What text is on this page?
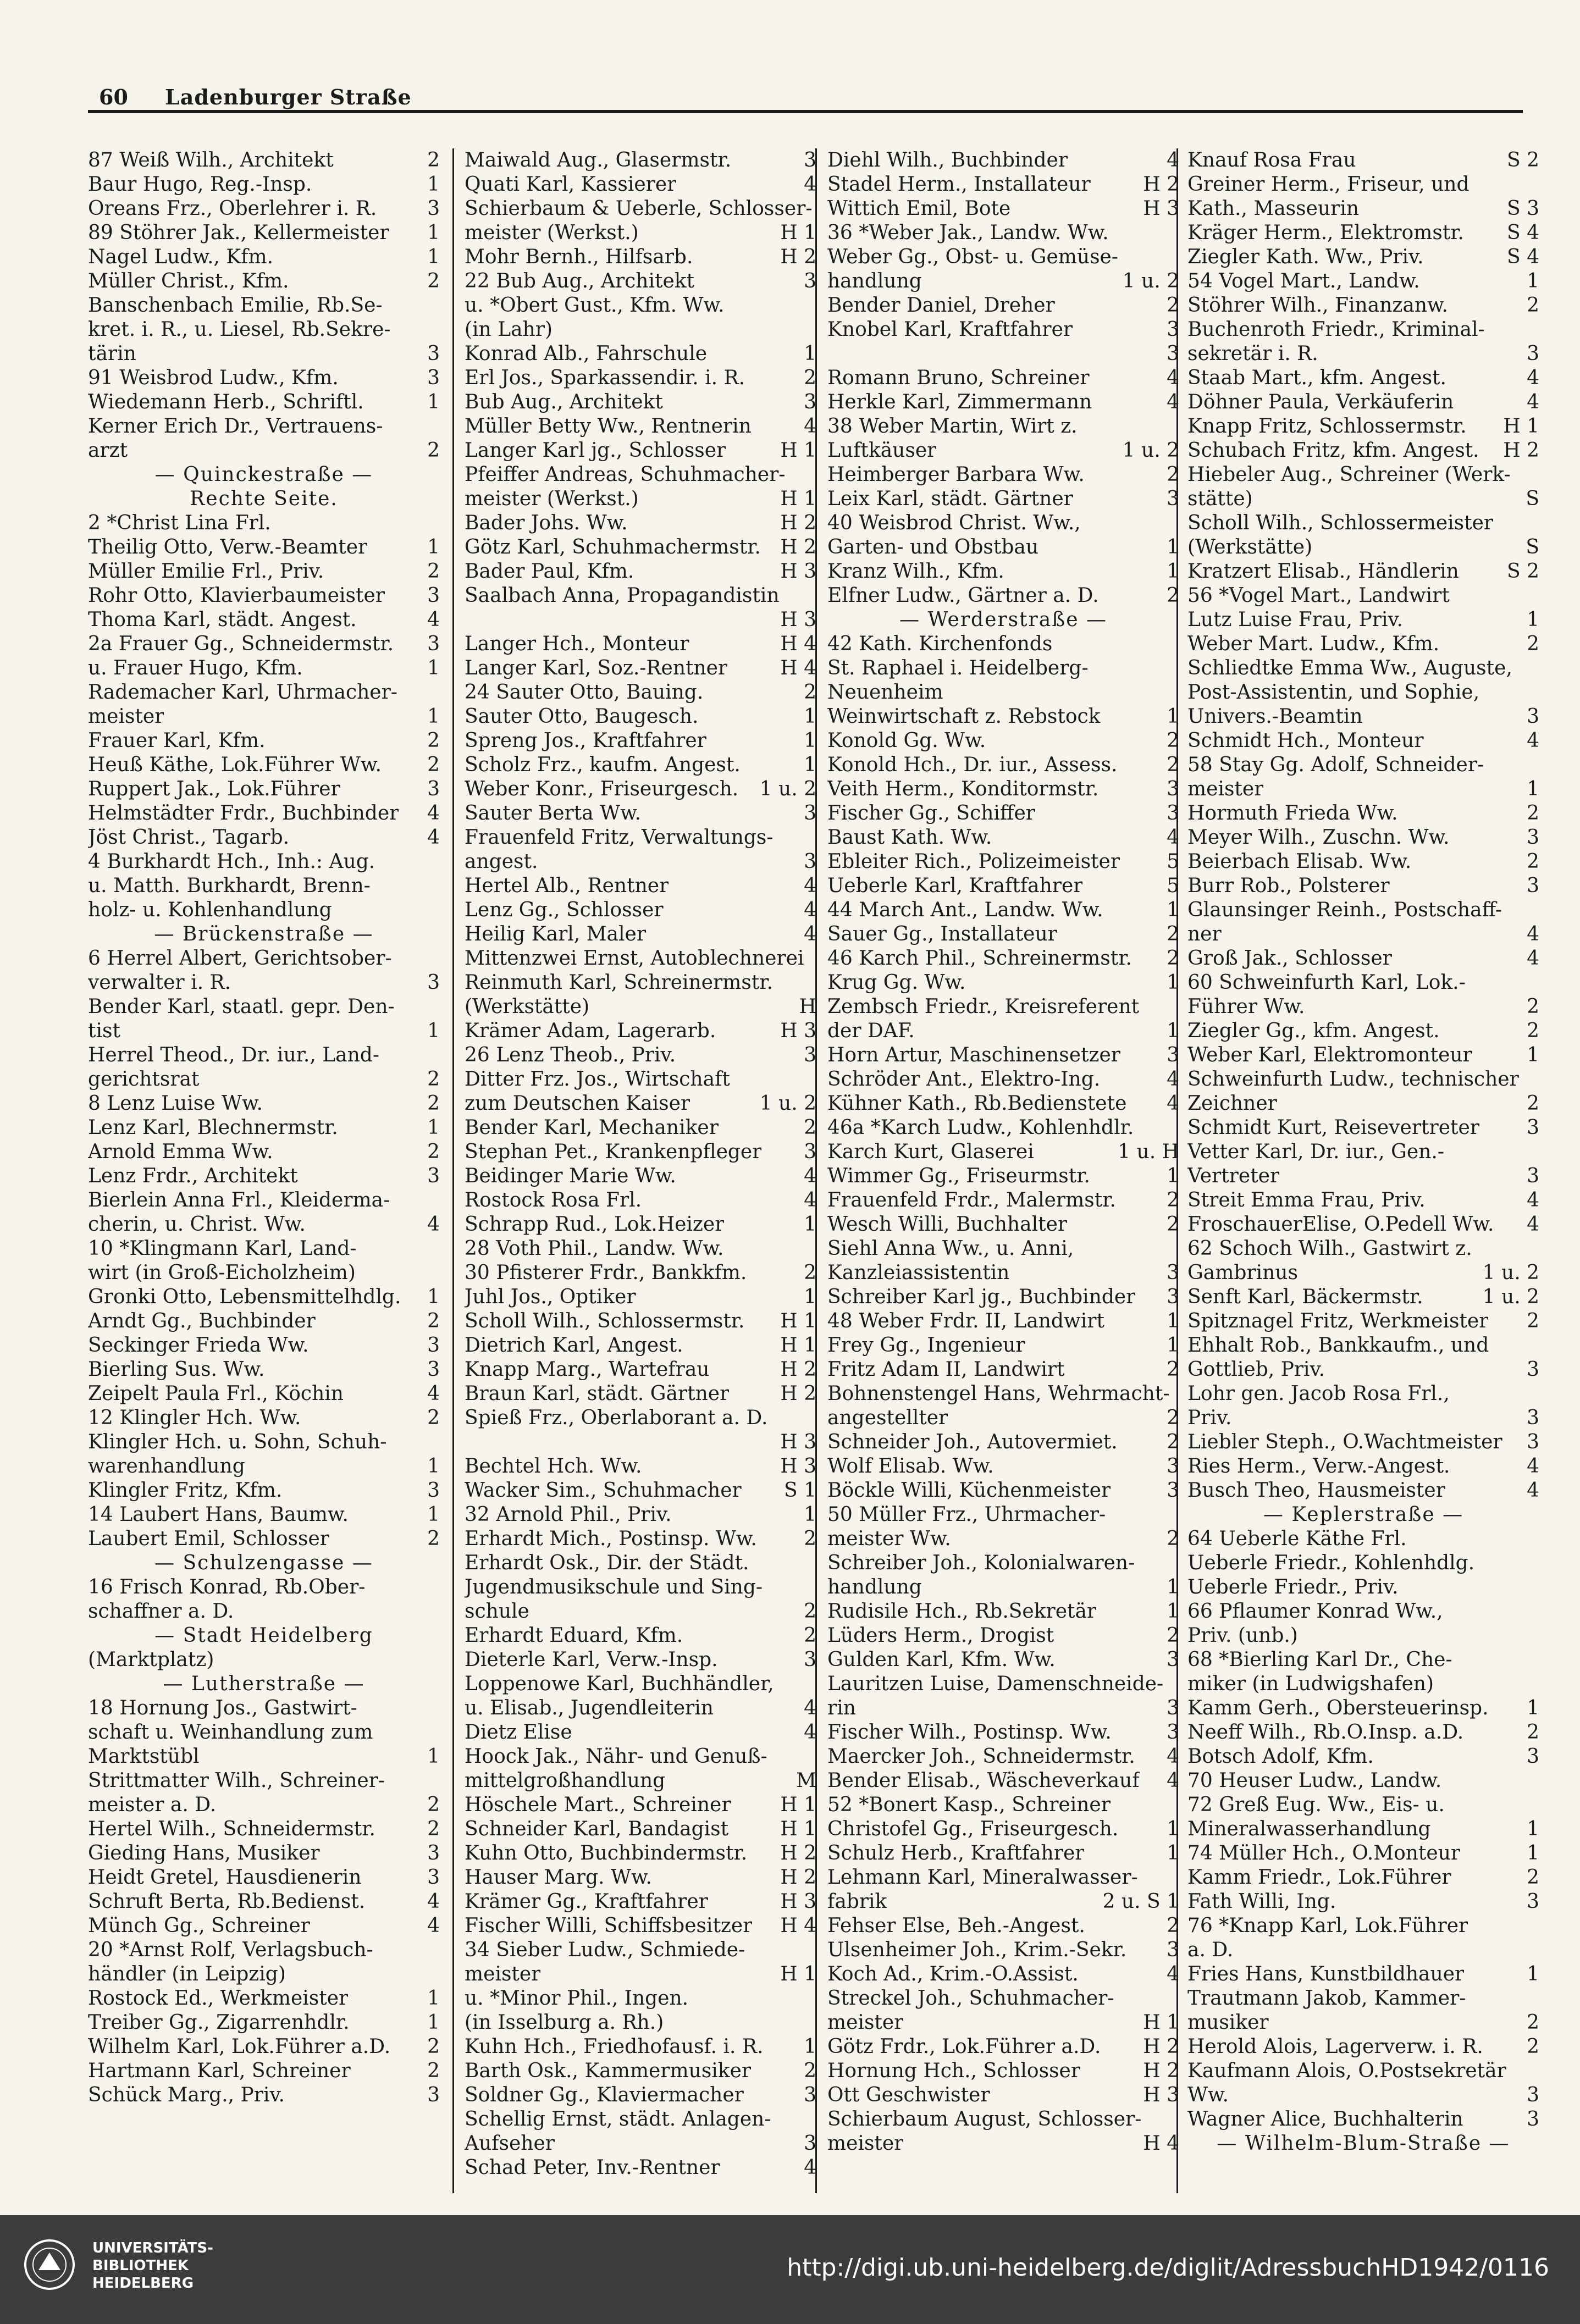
60 Ladenburger Straße
87 Weiß Wilh., Architekt	2
Baur Hugo, Reg.-Insp.	1
Oreans Frz., Oberlehrer i. R.	3
89 Stöhrer Jak., Kellermeister 1
Nagel Ludw., Kfm.	1
Müller Christ., Kfm.	2
Banschenbach Emilie, Rb.Se-
kret. i. R., u. Liesel, Rb.Sekre-
tärin	3
91 Weisbrod Ludw., Kfm.	3
Wiedemann Herb., Schriftl.	1
Kerner Erich Dr., Vertrauens-
arzt	2
— Quinckestraße —
Rechte Seite.
2 *Christ Lina Frl.
Theilig Otto, Verw.-Beamter	1
Müller Emilie Frl., Priv.	2
Rohr Otto, Klavierbaumeister 3
Thoma Karl, städt. Angest.	4
2a Frauer Gg., Schneidermstr. 3
u. Frauer Hugo, Kfm.	1
Rademacher Karl, Uhrmacher-
meister	1
Frauer Karl, Kfm.	2
Heuß Käthe, Lok.Führer Ww. 2
Ruppert Jak., Lok.Führer	3
Helmstädter Frdr., Buchbinder 4
Jöst Christ., Tagarb.	4
4 Burkhardt Hch., Inh.: Aug.
u. Matth. Burkhardt, Brenn-
holz- u. Kohlenhandlung
— Brückenstraße —
6 Herrel Albert, Gerichtsober-
verwalter i. R.	3
Bender Karl, staatl. gepr. Den-
tist	1
Herrel Theod., Dr. iur., Land-
gerichtsrat	2
8 Lenz Luise Ww.	2
Lenz Karl, Blechnermstr.	1
Arnold Emma Ww.	2
Lenz Frdr., Architekt	3
Bierlein Anna Frl., Kleiderma-
cherin, u. Christ. Ww.	4
10 *Klingmann Karl, Land-
wirt (in Groß-Eicholzheim)
Gronki Otto, Lebensmittelhdlg. 1
Arndt Gg., Buchbinder	2
Seckinger Frieda Ww.	3
Bierling Sus. Ww.	3
Zeipelt Paula Frl., Köchin	4
12 Klingler Hch. Ww.	2
Klingler Hch. u. Sohn, Schuh-
warenhandlung	1
Klingler Fritz, Kfm.	3
14 Laubert Hans, Baumw.	1
Laubert Emil, Schlosser	2
— Schulzengasse —
16 Frisch Konrad, Rb.Ober-
schaffner a. D.
— Stadt Heidelberg
(Marktplatz)
— Lutherstraße —
18 Hornung Jos., Gastwirt-
schaft u. Weinhandlung zum
Marktstübl	1
Strittmatter Wilh., Schreiner-
meister a. D.	2
Hertel Wilh., Schneidermstr.	2
Gieding Hans, Musiker	3
Heidt Gretel, Hausdienerin	3
Schruft Berta, Rb.Bedienst.	4
Münch Gg., Schreiner	4
20 *Arnst Rolf, Verlagsbuch-
händler (in Leipzig)
Rostock Ed., Werkmeister	1
Treiber Gg., Zigarrenhdlr.	1
Wilhelm Karl, Lok.Führer a.D. 2
Hartmann Karl, Schreiner	2
Schück Marg., Priv.	3
Maiwald Aug., Glasermstr.	3
Quati Karl, Kassierer	4
Schierbaum & Ueberle, Schlosser-
meister (Werkst.)	H 1
Mohr Bernh., Hilfsarb.	H 2
22 Bub Aug., Architekt	3
u. *Obert Gust., Kfm. Ww.
(in Lahr)
Konrad Alb., Fahrschule	1
Erl Jos., Sparkassendir. i. R.	2
Bub Aug., Architekt	3
Müller Betty Ww., Rentnerin	4
Langer Karl jg., Schlosser	H 1
Pfeiffer Andreas, Schuhmacher-
meister (Werkst.)	H 1
Bader Johs. Ww.	H 2
Götz Karl, Schuhmachermstr. H 2
Bader Paul, Kfm.	H 3
Saalbach Anna, Propagandistin
H 3
Langer Hch., Monteur	H 4
Langer Karl, Soz.-Rentner	H 4
24 Sauter Otto, Bauing.	2
Sauter Otto, Baugesch.	1
Spreng Jos., Kraftfahrer	1
Scholz Frz., kaufm. Angest.	1
Weber Konr., Friseurgesch. 1 u. 2
Sauter Berta Ww.	3
Frauenfeld Fritz, Verwaltungs-
angest.	3
Hertel Alb., Rentner	4
Lenz Gg., Schlosser	4
Heilig Karl, Maler	4
Mittenzwei Ernst, Autoblechnerei
Reinmuth Karl, Schreinermstr.
(Werkstätte)	H
Krämer Adam, Lagerarb.	H 3
26 Lenz Theob., Priv.	3
Ditter Frz. Jos., Wirtschaft
zum Deutschen Kaiser	1 u. 2
Bender Karl, Mechaniker	2
Stephan Pet., Krankenpfleger 3
Beidinger Marie Ww.	4
Rostock Rosa Frl.	4
Schrapp Rud., Lok.Heizer	1
28 Voth Phil., Landw. Ww.
30 Pfisterer Frdr., Bankkfm.	2
Juhl Jos., Optiker	1
Scholl Wilh., Schlossermstr. H 1
Dietrich Karl, Angest.	H 1
Knapp Marg., Wartefrau	H 2
Braun Karl, städt. Gärtner	H 2
Spieß Frz., Oberlaborant a. D.
H 3
Bechtel Hch. Ww.	H 3
Wacker Sim., Schuhmacher S 1
32 Arnold Phil., Priv.	1
Erhardt Mich., Postinsp. Ww. 2
Erhardt Osk., Dir. der Städt.
Jugendmusikschule und Sing-
schule	2
Erhardt Eduard, Kfm.	2
Dieterle Karl, Verw.-Insp.	3
Loppenowe Karl, Buchhändler,
u. Elisab., Jugendleiterin	4
Dietz Elise	4
Hoock Jak., Nähr- und Genuß-
mittelgroßhandlung	M
Höschele Mart., Schreiner H 1
Schneider Karl, Bandagist	H 1
Kuhn Otto, Buchbindermstr. H 2
Hauser Marg. Ww.	H 2
Krämer Gg., Kraftfahrer	H 3
Fischer Willi, Schiffsbesitzer H 4
34 Sieber Ludw., Schmiede-
meister	H 1
u. *Minor Phil., Ingen.
(in Isselburg a. Rh.)
Kuhn Hch., Friedhofausf. i. R. 1
Barth Osk., Kammermusiker	2
Soldner Gg., Klaviermacher	3
Schellig Ernst, städt. Anlagen-
Aufseher	3
Schad Peter, Inv.-Rentner	4
Diehl Wilh., Buchbinder	4
Stadel Herm., Installateur	H 2
Wittich Emil, Bote	H 3
36 *Weber Jak., Landw. Ww.
Weber Gg., Obst- u. Gemüse-
handlung	1 u. 2
Bender Daniel, Dreher	2
Knobel Karl, Kraftfahrer	3
3
Romann Bruno, Schreiner	4
Herkle Karl, Zimmermann	4
38 Weber Martin, Wirt z.
Luftkäuser	1 u. 2
Heimberger Barbara Ww.	2
Leix Karl, städt. Gärtner	3
40 Weisbrod Christ. Ww.,
Garten- und Obstbau	1
Kranz Wilh., Kfm.	1
Elfner Ludw., Gärtner a. D.	2
— Werderstraße —
42 Kath. Kirchenfonds
St. Raphael i. Heidelberg-
Neuenheim
Weinwirtschaft z. Rebstock	1
Konold Gg. Ww.	2
Konold Hch., Dr. iur., Assess. 2
Veith Herm., Konditormstr.	3
Fischer Gg., Schiffer	3
Baust Kath. Ww.	4
Ebleiter Rich., Polizeimeister 5
Ueberle Karl, Kraftfahrer	5
44 March Ant., Landw. Ww.	1
Sauer Gg., Installateur	2
46 Karch Phil., Schreinermstr. 2
Krug Gg. Ww.	1
Zembsch Friedr., Kreisreferent
der DAF.	1
Horn Artur, Maschinensetzer 3
Schröder Ant., Elektro-Ing.	4
Kühner Kath., Rb.Bedienstete 4
46a *Karch Ludw., Kohlenhdlr.
Karch Kurt, Glaserei	1 u. H
Wimmer Gg., Friseurmstr.	1
Frauenfeld Frdr., Malermstr.	2
Wesch Willi, Buchhalter	2
Siehl Anna Ww., u. Anni,
Kanzleiassistentin	3
Schreiber Karl jg., Buchbinder 3
48 Weber Frdr. II, Landwirt	1
Frey Gg., Ingenieur	1
Fritz Adam II, Landwirt	2
Bohnenstengel Hans, Wehrmacht-
angestellter	2
Schneider Joh., Autovermiet. 2
Wolf Elisab. Ww.	3
Böckle Willi, Küchenmeister	3
50 Müller Frz., Uhrmacher-
meister Ww.	2
Schreiber Joh., Kolonialwaren-
handlung	1
Rudisile Hch., Rb.Sekretär	1
Lüders Herm., Drogist	2
Gulden Karl, Kfm. Ww.	3
Lauritzen Luise, Damenschneide-
rin	3
Fischer Wilh., Postinsp. Ww.	3
Maercker Joh., Schneidermstr. 4
Bender Elisab., Wäscheverkauf 4
52 *Bonert Kasp., Schreiner
Christofel Gg., Friseurgesch. 1
Schulz Herb., Kraftfahrer	1
Lehmann Karl, Mineralwasser-
fabrik	2 u. S 1
Fehser Else, Beh.-Angest.	2
Ulsenheimer Joh., Krim.-Sekr. 3
Koch Ad., Krim.-O.Assist.	4
Streckel Joh., Schuhmacher-
meister	H 1
Götz Frdr., Lok.Führer a.D. H 2
Hornung Hch., Schlosser	H 2
Ott Geschwister	H 3
Schierbaum August, Schlosser-
meister	H 4
Knauf Rosa Frau	S 2
Greiner Herm., Friseur, und
Kath., Masseurin	S 3
Kräger Herm., Elektromstr. S 4
Ziegler Kath. Ww., Priv.	S 4
54 Vogel Mart., Landw.	1
Stöhrer Wilh., Finanzanw.	2
Buchenroth Friedr., Kriminal-
sekretär i. R.	3
Staab Mart., kfm. Angest.	4
Döhner Paula, Verkäuferin	4
Knapp Fritz, Schlossermstr. H 1
Schubach Fritz, kfm. Angest. H 2
Hiebeler Aug., Schreiner (Werk-
stätte)	S
Scholl Wilh., Schlossermeister
(Werkstätte)	S
Kratzert Elisab., Händlerin S 2
56 *Vogel Mart., Landwirt
Lutz Luise Frau, Priv.	1
Weber Mart. Ludw., Kfm.	2
Schliedtke Emma Ww., Auguste,
Post-Assistentin, und Sophie,
Univers.-Beamtin	3
Schmidt Hch., Monteur	4
58 Stay Gg. Adolf, Schneider-
meister	1
Hormuth Frieda Ww.	2
Meyer Wilh., Zuschn. Ww.	3
Beierbach Elisab. Ww.	2
Burr Rob., Polsterer	3
Glaunsinger Reinh., Postschaff-
ner	4
Groß Jak., Schlosser	4
60 Schweinfurth Karl, Lok.-
Führer Ww.	2
Ziegler Gg., kfm. Angest.	2
Weber Karl, Elektromonteur	1
Schweinfurth Ludw., technischer
Zeichner	2
Schmidt Kurt, Reisevertreter 3
Vetter Karl, Dr. iur., Gen.-
Vertreter	3
Streit Emma Frau, Priv.	4
FroschauerElise, O.Pedell Ww. 4
62 Schoch Wilh., Gastwirt z.
Gambrinus	1 u. 2
Senft Karl, Bäckermstr.	1 u. 2
Spitznagel Fritz, Werkmeister 2
Ehhalt Rob., Bankkaufm., und
Gottlieb, Priv.	3
Lohr gen. Jacob Rosa Frl.,
Priv.	3
Liebler Steph., O.Wachtmeister 3
Ries Herm., Verw.-Angest.	4
Busch Theo, Hausmeister	4
— Keplerstraße —
64 Ueberle Käthe Frl.
Ueberle Friedr., Kohlenhdlg.
Ueberle Friedr., Priv.
66 Pflaumer Konrad Ww.,
Priv. (unb.)
68 *Bierling Karl Dr., Che-
miker (in Ludwigshafen)
Kamm Gerh., Obersteuerinsp. 1
Neeff Wilh., Rb.O.Insp. a.D.	2
Botsch Adolf, Kfm.	3
70 Heuser Ludw., Landw.
72 Greß Eug. Ww., Eis- u.
Mineralwasserhandlung	1
74 Müller Hch., O.Monteur	1
Kamm Friedr., Lok.Führer	2
Fath Willi, Ing.	3
76 *Knapp Karl, Lok.Führer
a. D.
Fries Hans, Kunstbildhauer	1
Trautmann Jakob, Kammer-
musiker	2
Herold Alois, Lagerverw. i. R. 2
Kaufmann Alois, O.Postsekretär
Ww.	3
Wagner Alice, Buchhalterin	3
— Wilhelm-Blum-Straße —
UNIVERSITÄTS-
BIBLIOTHEK
HEIDELBERG
http://digi.ub.uni-heidelberg.de/diglit/AdressbuchHD1942/0116
